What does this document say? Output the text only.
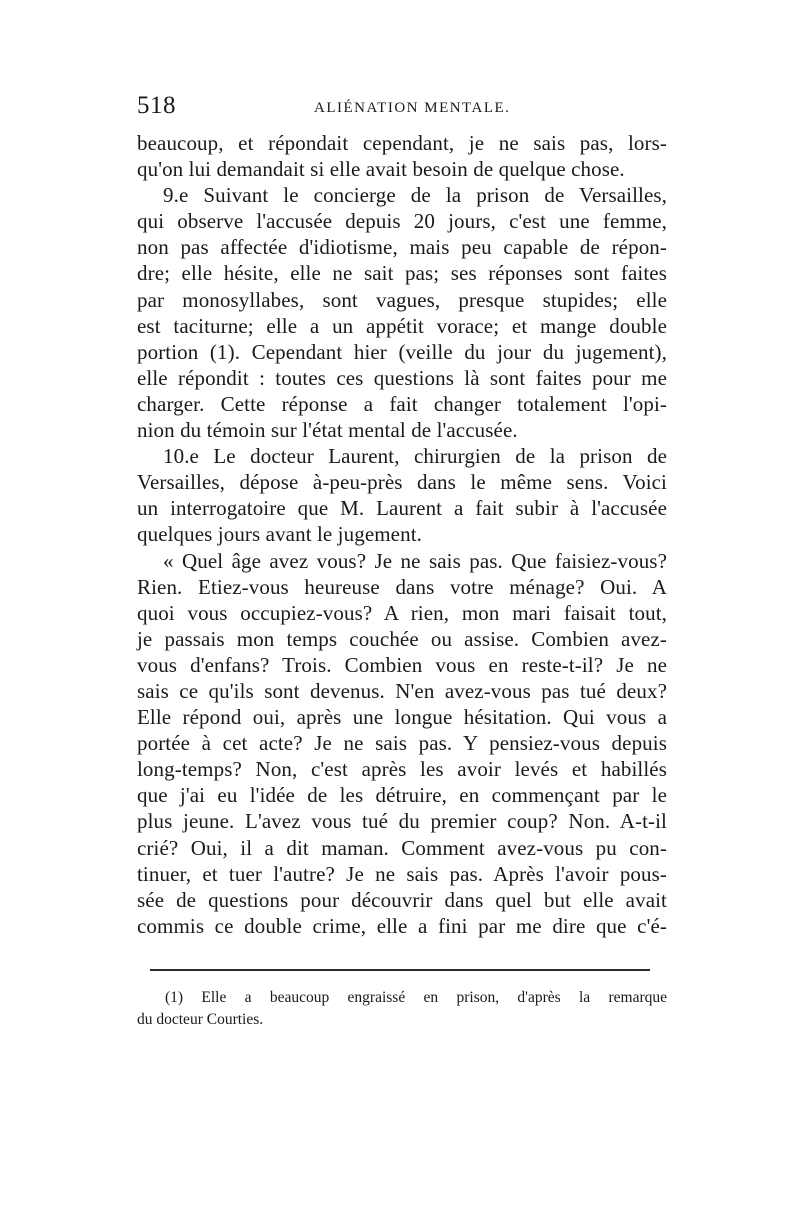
518	ALIÉNATION MENTALE.
beaucoup, et répondait cependant, je ne sais pas, lors-
qu'on lui demandait si elle avait besoin de quelque chose.
9.e Suivant le concierge de la prison de Versailles,
qui observe l'accusée depuis 20 jours, c'est une femme,
non pas affectée d'idiotisme, mais peu capable de répon-
dre; elle hésite, elle ne sait pas; ses réponses sont faites
par monosyllabes, sont vagues, presque stupides; elle
est taciturne; elle a un appétit vorace; et mange double
portion (1). Cependant hier (veille du jour du jugement),
elle répondit : toutes ces questions là sont faites pour me
charger. Cette réponse a fait changer totalement l'opi-
nion du témoin sur l'état mental de l'accusée.
10.e Le docteur Laurent, chirurgien de la prison de
Versailles, dépose à-peu-près dans le même sens. Voici
un interrogatoire que M. Laurent a fait subir à l'accusée
quelques jours avant le jugement.
« Quel âge avez vous? Je ne sais pas. Que faisiez-vous?
Rien. Etiez-vous heureuse dans votre ménage? Oui. A
quoi vous occupiez-vous? A rien, mon mari faisait tout,
je passais mon temps couchée ou assise. Combien avez-
vous d'enfans? Trois. Combien vous en reste-t-il? Je ne
sais ce qu'ils sont devenus. N'en avez-vous pas tué deux?
Elle répond oui, après une longue hésitation. Qui vous a
portée à cet acte? Je ne sais pas. Y pensiez-vous depuis
long-temps? Non, c'est après les avoir levés et habillés
que j'ai eu l'idée de les détruire, en commençant par le
plus jeune. L'avez vous tué du premier coup? Non. A-t-il
crié? Oui, il a dit maman. Comment avez-vous pu con-
tinuer, et tuer l'autre? Je ne sais pas. Après l'avoir pous-
sée de questions pour découvrir dans quel but elle avait
commis ce double crime, elle a fini par me dire que c'é-
(1) Elle a beaucoup engraissé en prison, d'après la remarque
du docteur Courties.
